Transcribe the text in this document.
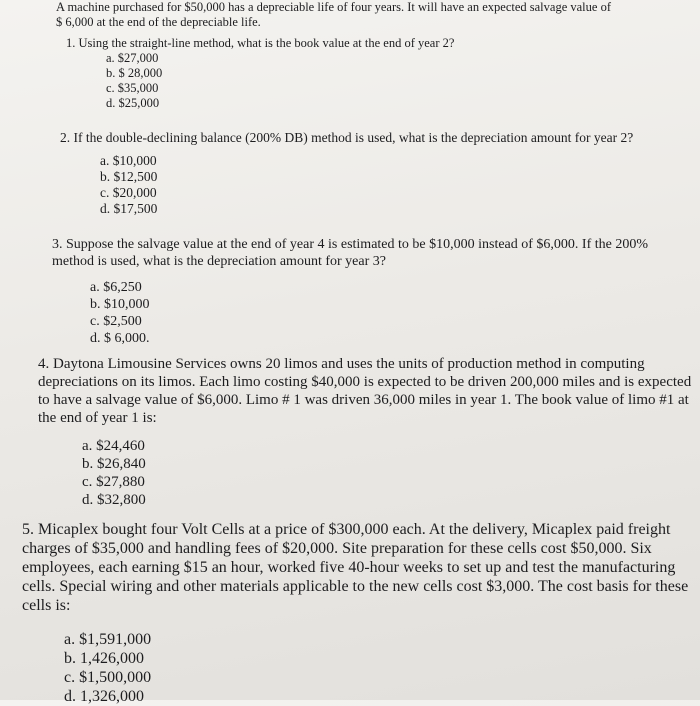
A machine purchased for $50,000 has a depreciable life of four years. It will have an expected salvage value of

$ 6,000 at the end of the depreciable life.

1. Using the straight-line method, what is the book value at the end of year 2?

a. $27,000
b. $ 28,000
c. $35,000
d. $25,000

2. If the double-declining balance (200% DB) method is used, what is the depreciation amount for year 2?

a. $10,000
b. $12,500
c. $20,000
d. $17,500

3. Suppose the salvage value at the end of year 4 is estimated to be $10,000 instead of $6,000. If the 200% method is used, what is the depreciation amount for year 3?

a. $6,250
b. $10,000
c. $2,500
d. $ 6,000.

4. Daytona Limousine Services owns 20 limos and uses the units of production method in computing depreciations on its limos. Each limo costing $40,000 is expected to be driven 200,000 miles and is expected to have a salvage value of $6,000. Limo # 1 was driven 36,000 miles in year 1. The book value of limo #1 at the end of year 1 is:

a. $24,460
b. $26,840
c. $27,880
d. $32,800

5. Micaplex bought four Volt Cells at a price of $300,000 each. At the delivery, Micaplex paid freight charges of $35,000 and handling fees of $20,000. Site preparation for these cells cost $50,000. Six employees, each earning $15 an hour, worked five 40-hour weeks to set up and test the manufacturing cells. Special wiring and other materials applicable to the new cells cost $3,000. The cost basis for these cells is:

a. $1,591,000
b. 1,426,000
c. $1,500,000
d. 1,326,000
